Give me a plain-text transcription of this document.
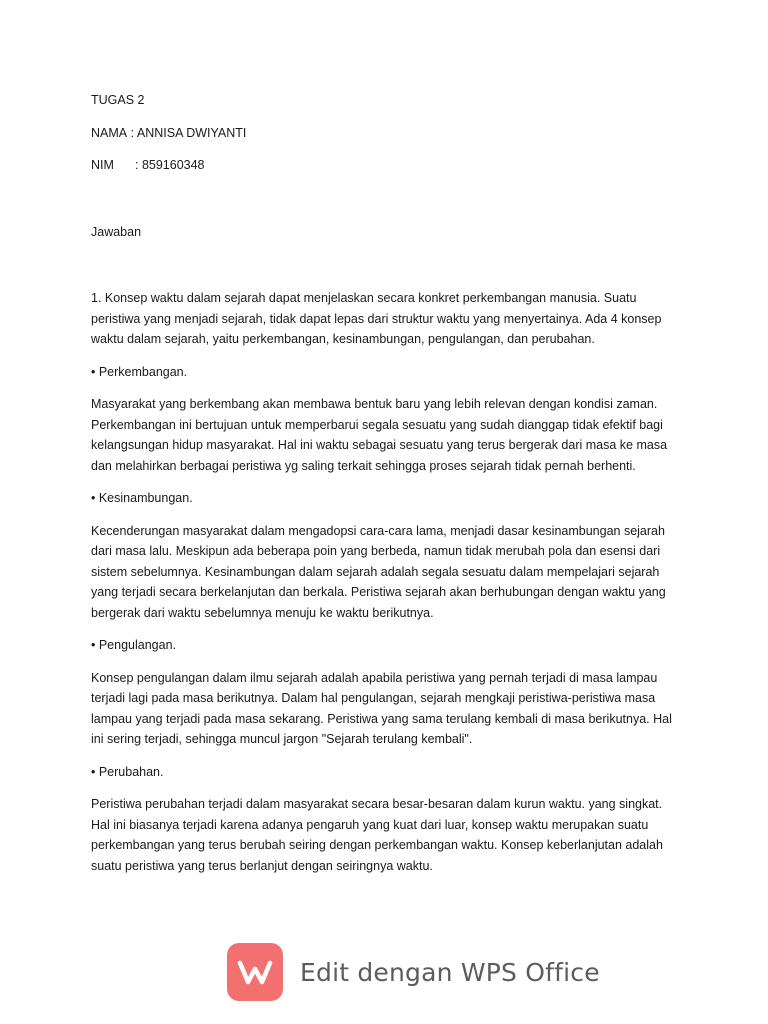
TUGAS 2

NAMA
: ANNISA DWIYANTI
NIM	: 859160348

Jawaban

1. Konsep waktu dalam sejarah dapat menjelaskan secara konkret perkembangan manusia. Suatu peristiwa yang menjadi sejarah, tidak dapat lepas dari struktur waktu yang menyertainya. Ada 4 konsep waktu dalam sejarah, yaitu perkembangan, kesinambungan, pengulangan, dan perubahan.

• Perkembangan.

Masyarakat yang berkembang akan membawa bentuk baru yang lebih relevan dengan kondisi zaman. Perkembangan ini bertujuan untuk memperbarui segala sesuatu yang sudah dianggap tidak efektif bagi kelangsungan hidup masyarakat. Hal ini waktu sebagai sesuatu yang terus bergerak dari masa ke masa dan melahirkan berbagai peristiwa yg saling terkait sehingga proses sejarah tidak pernah berhenti.

• Kesinambungan.

Kecenderungan masyarakat dalam mengadopsi cara-cara lama, menjadi dasar kesinambungan sejarah dari masa lalu. Meskipun ada beberapa poin yang berbeda, namun tidak merubah pola dan esensi dari sistem sebelumnya. Kesinambungan dalam sejarah adalah segala sesuatu dalam mempelajari sejarah yang terjadi secara berkelanjutan dan berkala. Peristiwa sejarah akan berhubungan dengan waktu yang bergerak dari waktu sebelumnya menuju ke waktu berikutnya.

• Pengulangan.

Konsep pengulangan dalam ilmu sejarah adalah apabila peristiwa yang pernah terjadi di masa lampau terjadi lagi pada masa berikutnya. Dalam hal pengulangan, sejarah mengkaji peristiwa-peristiwa masa lampau yang terjadi pada masa sekarang. Peristiwa yang sama terulang kembali di masa berikutnya. Hal ini sering terjadi, sehingga muncul jargon "Sejarah terulang kembali".

• Perubahan.

Peristiwa perubahan terjadi dalam masyarakat secara besar-besaran dalam kurun waktu. yang singkat. Hal ini biasanya terjadi karena adanya pengaruh yang kuat dari luar, konsep waktu merupakan suatu perkembangan yang terus berubah seiring dengan perkembangan waktu. Konsep keberlanjutan adalah suatu peristiwa yang terus berlanjut dengan seiringnya waktu.

Edit dengan WPS Office
